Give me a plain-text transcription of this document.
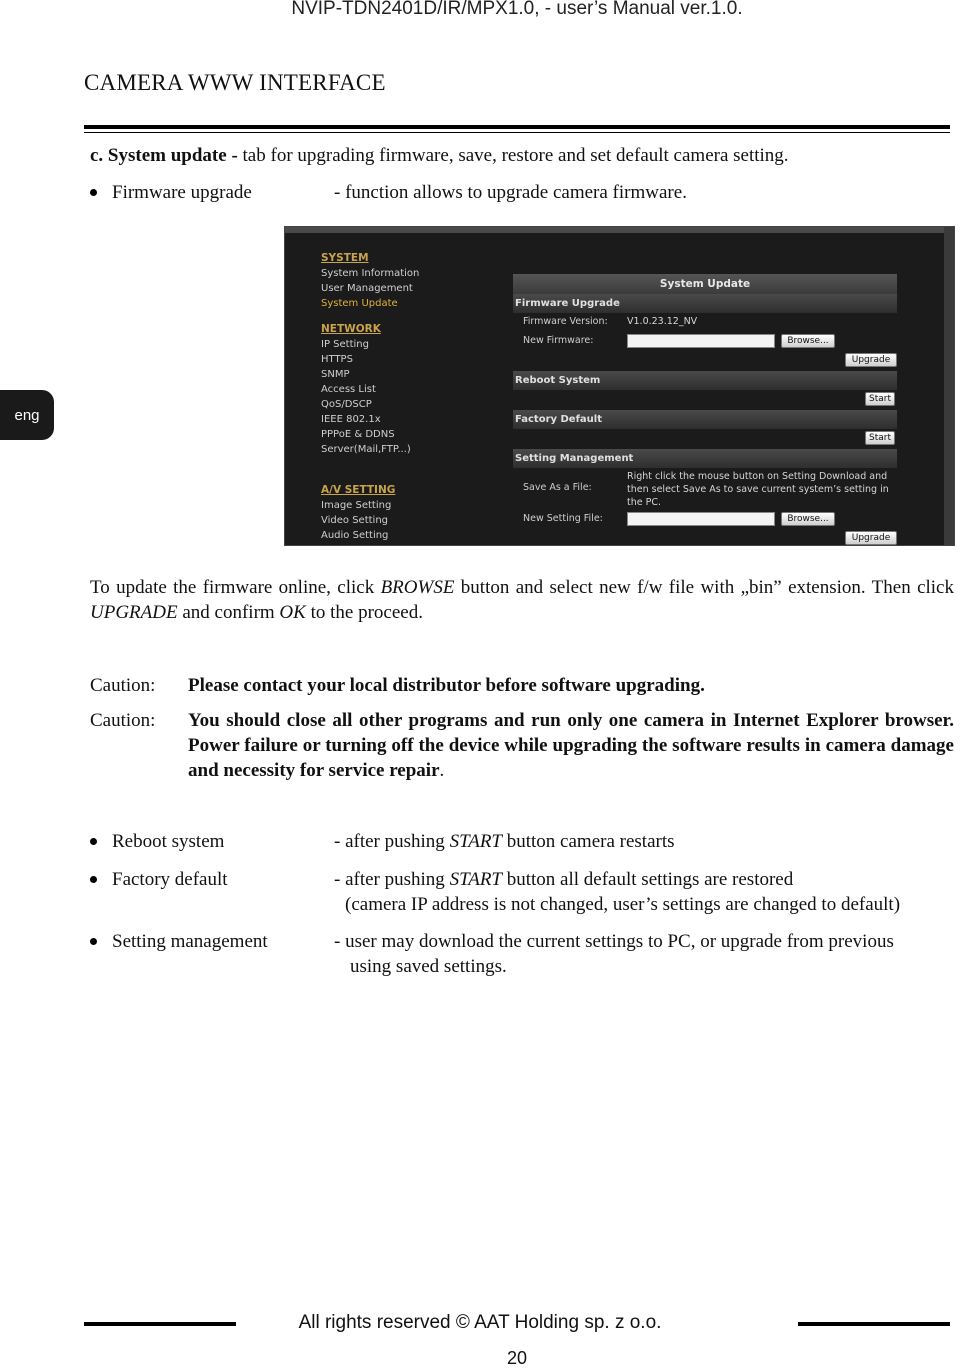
NVIP-TDN2401D/IR/MPX1.0, - user’s Manual ver.1.0.
CAMERA WWW INTERFACE
eng
c. System update - tab for upgrading firmware, save, restore and set default camera setting.
Firmware upgrade	- function allows to upgrade camera firmware.
SYSTEM
System Information
User Management
System Update
NETWORK
IP Setting
HTTPS
SNMP
Access List
QoS/DSCP
IEEE 802.1x
PPPoE & DDNS
Server(Mail,FTP...)
A/V SETTING
Image Setting
Video Setting
Audio Setting
System Update
Firmware Upgrade
Firmware Version: V1.0.23.12_NV
New Firmware:	Browse...
Upgrade
Reboot System
Start
Factory Default
Start
Setting Management
Save As a File:
Right click the mouse button on Setting Download and then select Save As to save current system’s setting in the PC.
New Setting File:	Browse...
Upgrade
To update the firmware online, click BROWSE button and select new f/w file with „bin” extension. Then click UPGRADE and confirm OK to the proceed.
Caution: Please contact your local distributor before software upgrading.
Caution: You should close all other programs and run only one camera in Internet Explorer browser. Power failure or turning off the device while upgrading the software results in camera damage and necessity for service repair.
Reboot system	- after pushing START button camera restarts
Factory default	- after pushing START button all default settings are restored
(camera IP address is not changed, user’s settings are changed to default)
Setting management	- user may download the current settings to PC, or upgrade from previous
using saved settings.
All rights reserved © AAT Holding sp. z o.o.
20
